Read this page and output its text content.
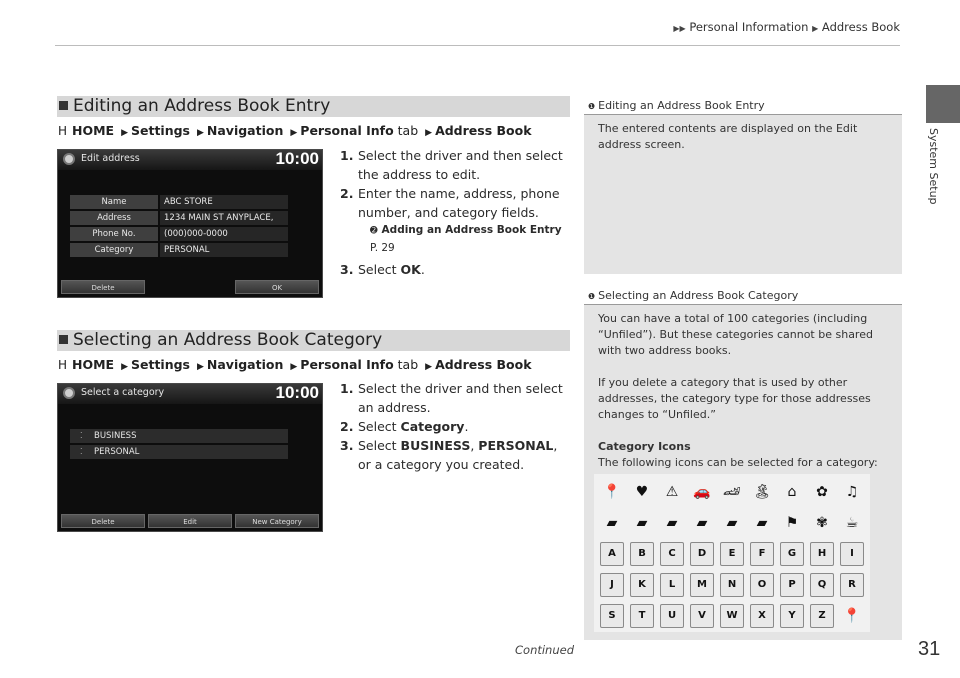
▶▶ Personal Information ▶ Address Book
System Setup
Editing an Address Book Entry
H HOME ▶ Settings ▶ Navigation ▶ Personal Info tab ▶ Address Book
Edit address	10:00
Name	ABC STORE
Address	1234 MAIN ST ANYPLACE,
Phone No.	(000)000-0000
Category	PERSONAL
Delete	OK
1. Select the driver and then select the address to edit.
2. Enter the name, address, phone number, and category fields.
➋ Adding an Address Book Entry P. 29
3. Select OK.
Selecting an Address Book Category
H HOME ▶ Settings ▶ Navigation ▶ Personal Info tab ▶ Address Book
Select a category	10:00
⁚ BUSINESS
⁚ PERSONAL
Delete	Edit	New Category
1. Select the driver and then select an address.
2. Select Category.
3. Select BUSINESS, PERSONAL, or a category you created.
❶ Editing an Address Book Entry

The entered contents are displayed on the Edit address screen.

❶ Selecting an Address Book Category

You can have a total of 100 categories (including “Unfiled”). But these categories cannot be shared with two address books.

If you delete a category that is used by other addresses, the category type for those addresses changes to “Unfiled.”

Category Icons

The following icons can be selected for a category:

📍	♥	⚠	🚗 🏎 🏝	⌂	✿	♫
▰	▰	▰	▰	▰	▰	⚑	✾	☕
A	B	C	D	E	F	G	H	I
J	K	L	M	N	O	P	Q	R
S	T	U	V	W	X	Y	Z	📍
Continued	31
